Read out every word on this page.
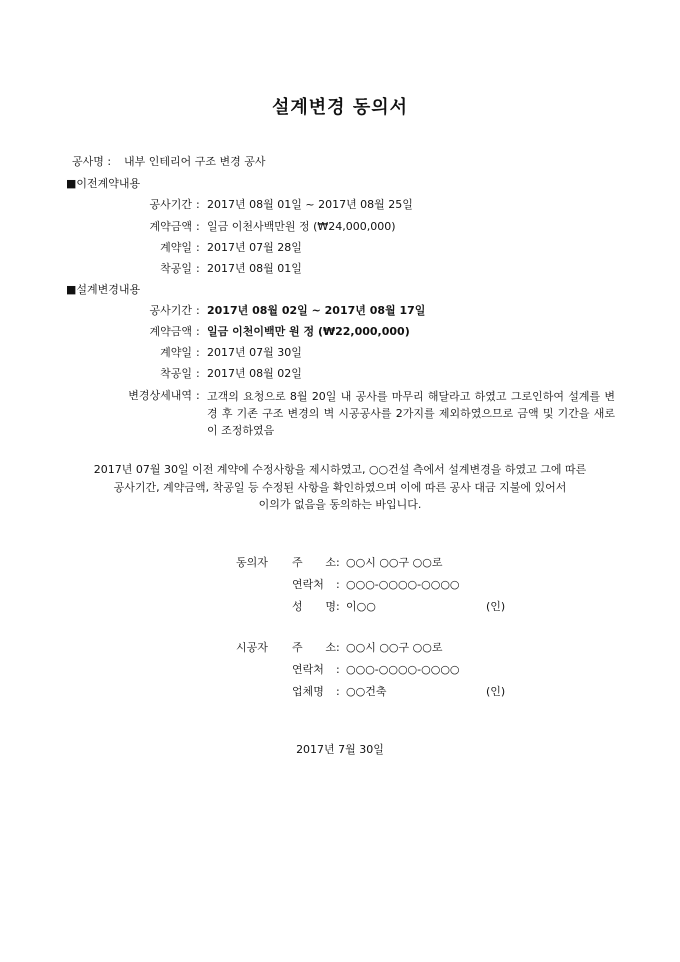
설계변경 동의서
공사명 : 내부 인테리어 구조 변경 공사
■이전계약내용
공사기간 : 2017년 08월 01일 ~ 2017년 08월 25일
계약금액 : 일금 이천사백만원 정 (₩24,000,000)
계약일 : 2017년 07월 28일
착공일 : 2017년 08월 01일
■설계변경내용
공사기간 : 2017년 08월 02일 ~ 2017년 08월 17일
계약금액 : 일금 이천이백만 원 정 (₩22,000,000)
계약일 : 2017년 07월 30일
착공일 : 2017년 08월 02일
변경상세내역 : 고객의 요청으로 8월 20일 내 공사를 마무리 해달라고 하였고 그로인하여 설계를 변경 후 기존 구조 변경의 벽 시공공사를 2가지를 제외하였으므로 금액 및 기간을 새로이 조정하였음
2017년 07월 30일 이전 계약에 수정사항을 제시하였고, ○○건설 측에서 설계변경을 하였고 그에 따른
공사기간, 계약금액, 착공일 등 수정된 사항을 확인하였으며 이에 따른 공사 대금 지불에 있어서
이의가 없음을 동의하는 바입니다.
동의자 주 소 : ○○시 ○○구 ○○로
연락처	: ○○○-○○○○-○○○○
성 명 : 이○○	(인)
시공자 주 소 : ○○시 ○○구 ○○로
연락처	: ○○○-○○○○-○○○○
업체명	: ○○건축	(인)
2017년 7월 30일
